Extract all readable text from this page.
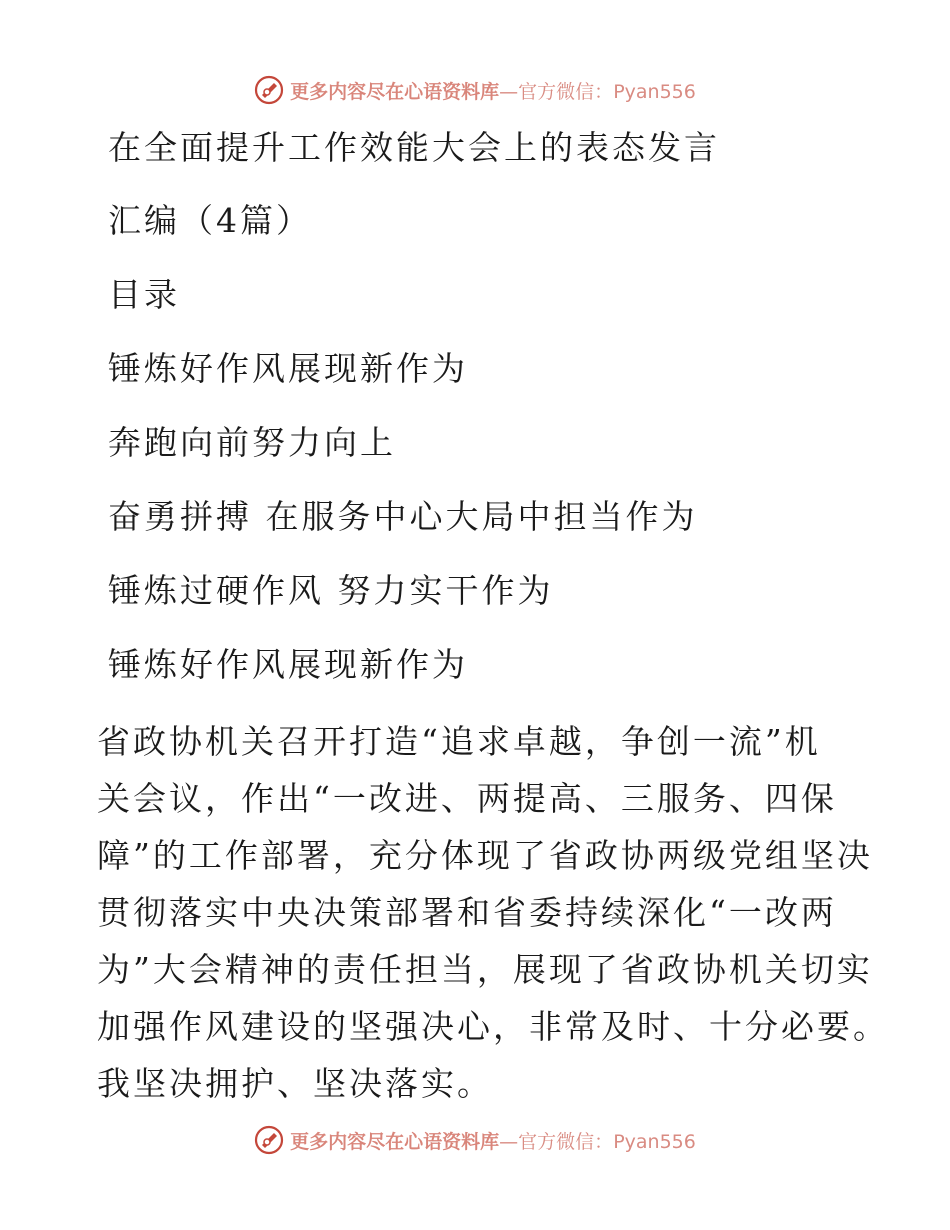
更多内容尽在心语资料库—官方微信：Pyan556
在全面提升工作效能大会上的表态发言
汇编（4篇）
目录
锤炼好作风展现新作为
奔跑向前努力向上
奋勇拼搏 在服务中心大局中担当作为
锤炼过硬作风 努力实干作为
锤炼好作风展现新作为
省政协机关召开打造“追求卓越，争创一流”机
关会议，作出“一改进、两提高、三服务、四保
障”的工作部署，充分体现了省政协两级党组坚决
贯彻落实中央决策部署和省委持续深化“一改两
为”大会精神的责任担当，展现了省政协机关切实
加强作风建设的坚强决心，非常及时、十分必要。
我坚决拥护、坚决落实。
更多内容尽在心语资料库—官方微信：Pyan556
